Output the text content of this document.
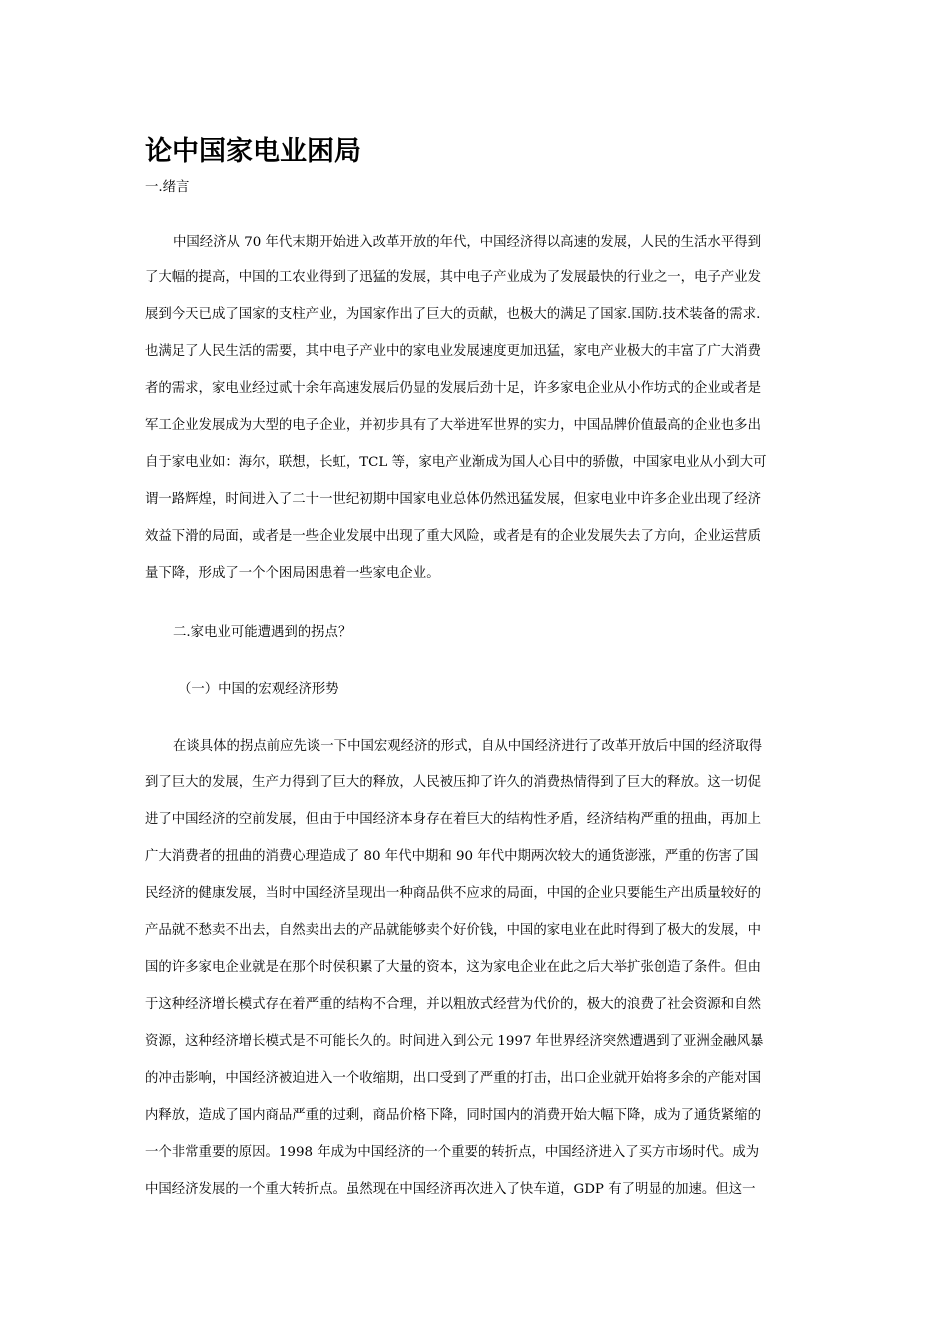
论中国家电业困局

一.绪言

中国经济从 70 年代末期开始进入改革开放的年代，中国经济得以高速的发展，人民的生活水平得到

了大幅的提高，中国的工农业得到了迅猛的发展，其中电子产业成为了发展最快的行业之一，电子产业发

展到今天已成了国家的支柱产业，为国家作出了巨大的贡献，也极大的满足了国家.国防.技术装备的需求.

也满足了人民生活的需要，其中电子产业中的家电业发展速度更加迅猛，家电产业极大的丰富了广大消费

者的需求，家电业经过贰十余年高速发展后仍显的发展后劲十足，许多家电企业从小作坊式的企业或者是

军工企业发展成为大型的电子企业，并初步具有了大举进军世界的实力，中国品牌价值最高的企业也多出

自于家电业如：海尔，联想，长虹，TCL 等，家电产业渐成为国人心目中的骄傲，中国家电业从小到大可

谓一路辉煌，时间进入了二十一世纪初期中国家电业总体仍然迅猛发展，但家电业中许多企业出现了经济

效益下滑的局面，或者是一些企业发展中出现了重大风险，或者是有的企业发展失去了方向，企业运营质

量下降，形成了一个个困局困患着一些家电企业。

二.家电业可能遭遇到的拐点？

（一）中国的宏观经济形势

在谈具体的拐点前应先谈一下中国宏观经济的形式，自从中国经济进行了改革开放后中国的经济取得

到了巨大的发展，生产力得到了巨大的释放，人民被压抑了许久的消费热情得到了巨大的释放。这一切促

进了中国经济的空前发展，但由于中国经济本身存在着巨大的结构性矛盾，经济结构严重的扭曲，再加上

广大消费者的扭曲的消费心理造成了 80 年代中期和 90 年代中期两次较大的通货澎涨，严重的伤害了国

民经济的健康发展，当时中国经济呈现出一种商品供不应求的局面，中国的企业只要能生产出质量较好的

产品就不愁卖不出去，自然卖出去的产品就能够卖个好价钱，中国的家电业在此时得到了极大的发展，中

国的许多家电企业就是在那个时侯积累了大量的资本，这为家电企业在此之后大举扩张创造了条件。但由

于这种经济增长模式存在着严重的结构不合理，并以粗放式经营为代价的，极大的浪费了社会资源和自然

资源，这种经济增长模式是不可能长久的。时间进入到公元 1997 年世界经济突然遭遇到了亚洲金融风暴

的冲击影响，中国经济被迫进入一个收缩期，出口受到了严重的打击，出口企业就开始将多余的产能对国

内释放，造成了国内商品严重的过剩，商品价格下降，同时国内的消费开始大幅下降，成为了通货紧缩的

一个非常重要的原因。1998 年成为中国经济的一个重要的转折点，中国经济进入了买方市场时代。成为

中国经济发展的一个重大转折点。虽然现在中国经济再次进入了快车道，GDP 有了明显的加速。但这一
